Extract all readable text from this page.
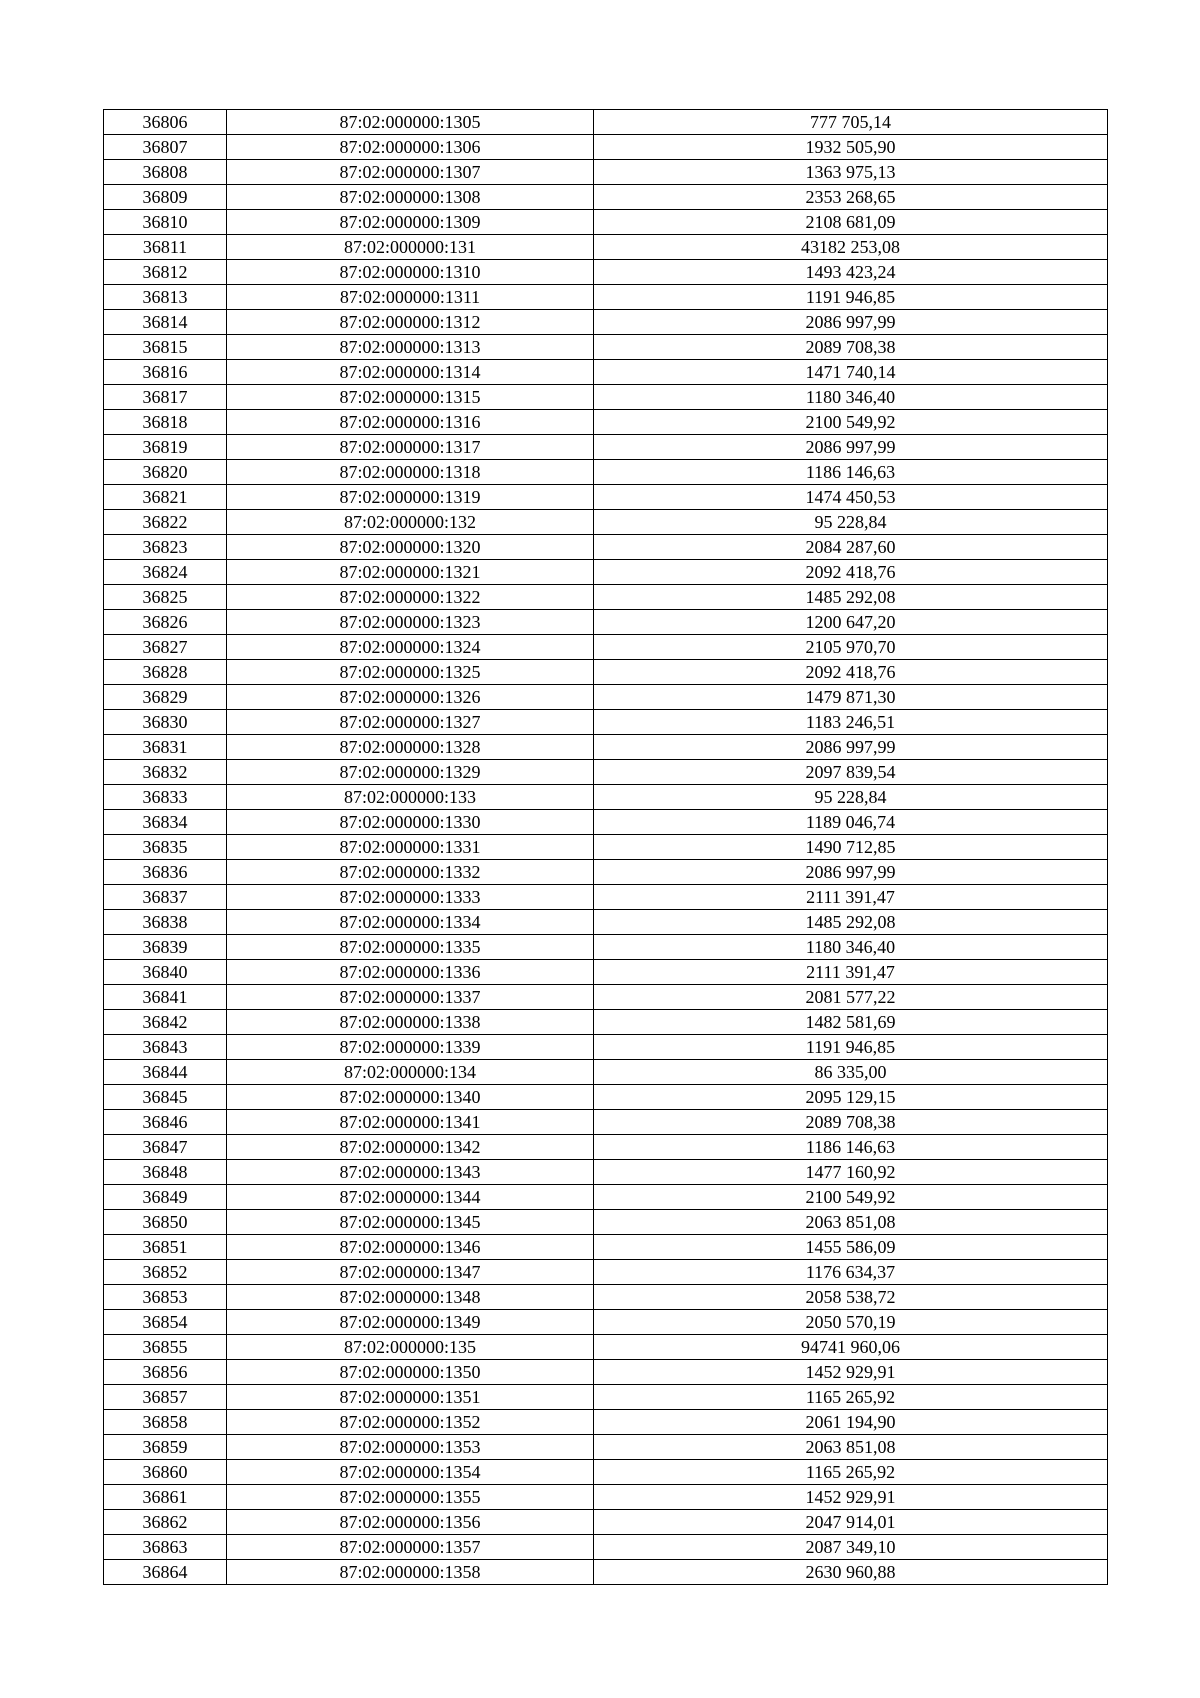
36806	87:02:000000:1305	777 705,14
36807	87:02:000000:1306	1932 505,90
36808	87:02:000000:1307	1363 975,13
36809	87:02:000000:1308	2353 268,65
36810	87:02:000000:1309	2108 681,09
36811	87:02:000000:131	43182 253,08
36812	87:02:000000:1310	1493 423,24
36813	87:02:000000:1311	1191 946,85
36814	87:02:000000:1312	2086 997,99
36815	87:02:000000:1313	2089 708,38
36816	87:02:000000:1314	1471 740,14
36817	87:02:000000:1315	1180 346,40
36818	87:02:000000:1316	2100 549,92
36819	87:02:000000:1317	2086 997,99
36820	87:02:000000:1318	1186 146,63
36821	87:02:000000:1319	1474 450,53
36822	87:02:000000:132	95 228,84
36823	87:02:000000:1320	2084 287,60
36824	87:02:000000:1321	2092 418,76
36825	87:02:000000:1322	1485 292,08
36826	87:02:000000:1323	1200 647,20
36827	87:02:000000:1324	2105 970,70
36828	87:02:000000:1325	2092 418,76
36829	87:02:000000:1326	1479 871,30
36830	87:02:000000:1327	1183 246,51
36831	87:02:000000:1328	2086 997,99
36832	87:02:000000:1329	2097 839,54
36833	87:02:000000:133	95 228,84
36834	87:02:000000:1330	1189 046,74
36835	87:02:000000:1331	1490 712,85
36836	87:02:000000:1332	2086 997,99
36837	87:02:000000:1333	2111 391,47
36838	87:02:000000:1334	1485 292,08
36839	87:02:000000:1335	1180 346,40
36840	87:02:000000:1336	2111 391,47
36841	87:02:000000:1337	2081 577,22
36842	87:02:000000:1338	1482 581,69
36843	87:02:000000:1339	1191 946,85
36844	87:02:000000:134	86 335,00
36845	87:02:000000:1340	2095 129,15
36846	87:02:000000:1341	2089 708,38
36847	87:02:000000:1342	1186 146,63
36848	87:02:000000:1343	1477 160,92
36849	87:02:000000:1344	2100 549,92
36850	87:02:000000:1345	2063 851,08
36851	87:02:000000:1346	1455 586,09
36852	87:02:000000:1347	1176 634,37
36853	87:02:000000:1348	2058 538,72
36854	87:02:000000:1349	2050 570,19
36855	87:02:000000:135	94741 960,06
36856	87:02:000000:1350	1452 929,91
36857	87:02:000000:1351	1165 265,92
36858	87:02:000000:1352	2061 194,90
36859	87:02:000000:1353	2063 851,08
36860	87:02:000000:1354	1165 265,92
36861	87:02:000000:1355	1452 929,91
36862	87:02:000000:1356	2047 914,01
36863	87:02:000000:1357	2087 349,10
36864	87:02:000000:1358	2630 960,88
